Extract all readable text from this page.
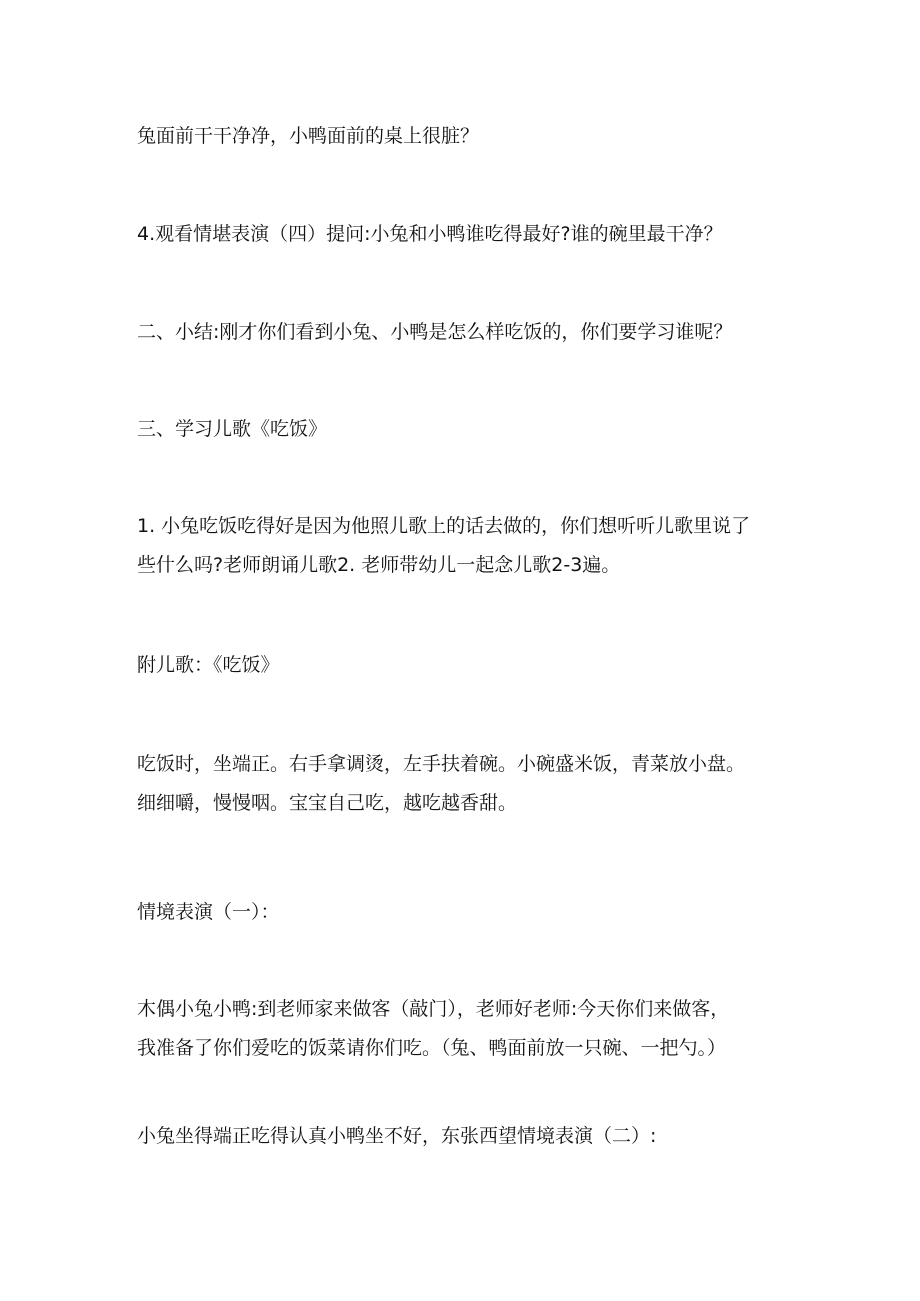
兔面前干干净净，小鸭面前的桌上很脏？

4.观看情堪表演（四）提问:小兔和小鸭谁吃得最好?谁的碗里最干净？

二、小结:刚才你们看到小兔、小鸭是怎么样吃饭的，你们要学习谁呢？

三、学习儿歌《吃饭》

1. 小兔吃饭吃得好是因为他照儿歌上的话去做的，你们想听听儿歌里说了
些什么吗?老师朗诵儿歌2. 老师带幼儿一起念儿歌2-3遍。

附儿歌：《吃饭》

吃饭时，坐端正。右手拿调烫，左手扶着碗。小碗盛米饭，青菜放小盘。
细细嚼，慢慢咽。宝宝自己吃，越吃越香甜。

情境表演（一）：

木偶小兔小鸭:到老师家来做客（敲门），老师好老师:今天你们来做客，
我准备了你们爱吃的饭菜请你们吃。（兔、鸭面前放一只碗、一把勺。）

小兔坐得端正吃得认真小鸭坐不好，东张西望情境表演（二）:
